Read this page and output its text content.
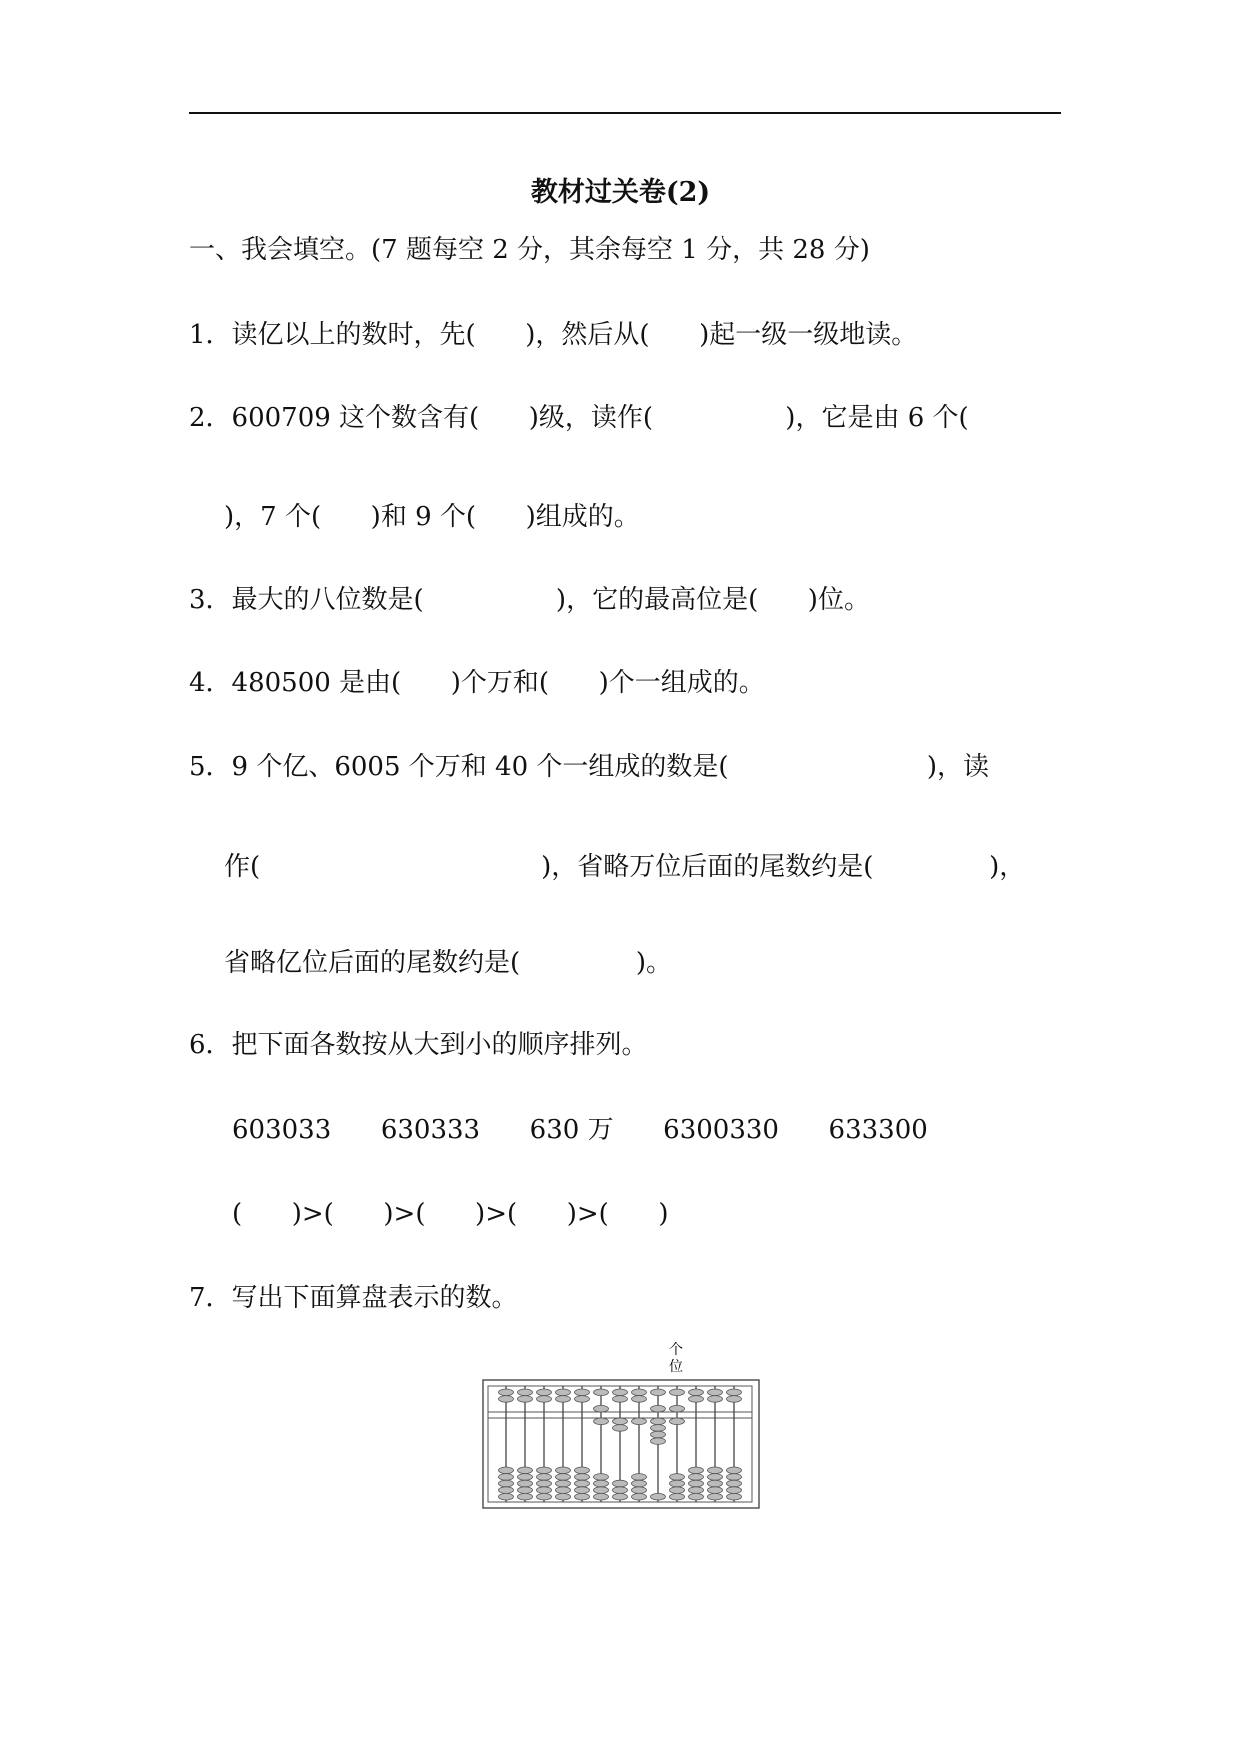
教材过关卷(2)
一、我会填空。(7 题每空 2 分，其余每空 1 分，共 28 分)
1．读亿以上的数时，先(      )，然后从(      )起一级一级地读。
2．600709 这个数含有(      )级，读作(                )，它是由 6 个(
)，7 个(      )和 9 个(      )组成的。
3．最大的八位数是(                )，它的最高位是(      )位。
4．480500 是由(      )个万和(      )个一组成的。
5．9 个亿、6005 个万和 40 个一组成的数是(                        )，读
作(                                  )，省略万位后面的尾数约是(              )，
省略亿位后面的尾数约是(              )。
6．把下面各数按从大到小的顺序排列。
603033      630333      630 万      6300330      633300
(      )>(      )>(      )>(      )>(      )
7．写出下面算盘表示的数。
个
位
